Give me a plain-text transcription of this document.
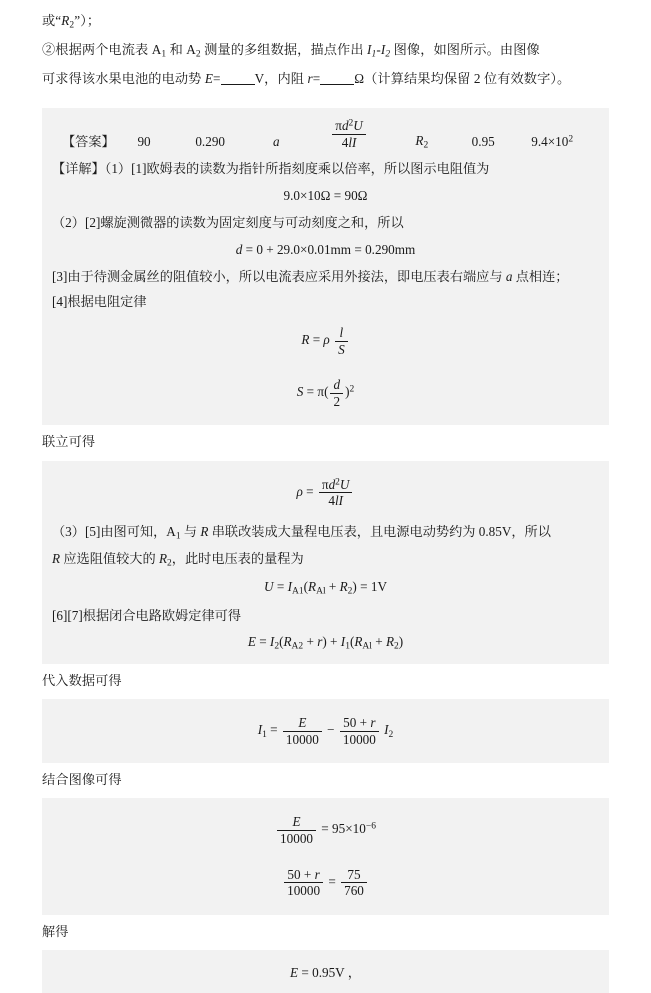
或“$R_2$”）；
②根据两个电流表 $A_1$ 和 $A_2$ 测量的多组数据，描点作出 $I_1-I_2$ 图像，如图所示。由图像
可求得该水果电池的电动势 E=	V，内阻 r=	Ω（计算结果均保留 2 位有效数字）。
【答案】	90	0.290	a	$\frac{\pi d^2U}{4lI}$	$R_2$	0.95	$9.4\times 10^2$
【详解】（1）[1]欧姆表的读数为指针所指刻度乘以倍率，所以图示电阻值为
9.0×10Ω = 90Ω
（2）[2]螺旋测微器的读数为固定刻度与可动刻度之和，所以
d = 0 + 29.0×0.01mm = 0.290mm
[3]由于待测金属丝的阻值较小，所以电流表应采用外接法，即电压表右端应与 a 点相连；
[4]根据电阻定律
R = ρ $\frac{l}{S}$
$S = \pi( \frac{d}{2} )^2$
联立可得
$\rho = \frac{\pi d^2U}{4lI}$
（3）[5]由图可知，$A_1$ 与 R 串联改装成大量程电压表，且电源电动势约为 0.85V，所以
R 应选阻值较大的 $R_2$，此时电压表的量程为
$U = I_{A1}(R_{Al} + R_2) = 1V$
[6][7]根据闭合电路欧姆定律可得
$E = I_2(R_{A2} + r) + I_1(R_{Al} + R_2)$
代入数据可得
$I_1 = \frac{E}{10000} - \frac{50 + r}{10000} I_2$
结合图像可得
$\frac{E}{10000} = 95\times 10^{-6}$
$\frac{50 + r}{10000} = \frac{75}{760}$
解得
E = 0.95V ，
